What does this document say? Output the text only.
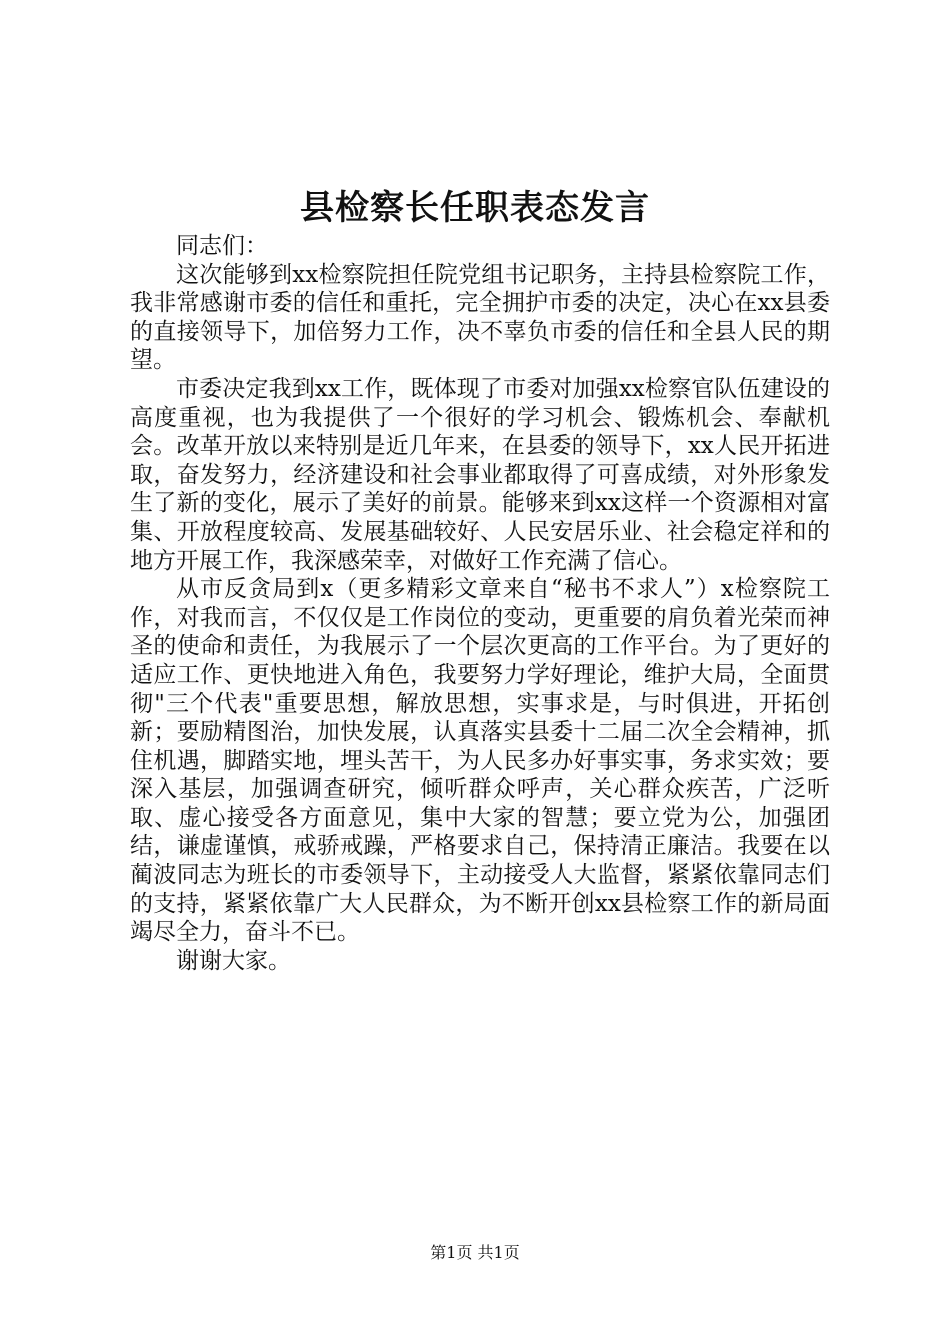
县检察长任职表态发言

同志们：

这次能够到xx检察院担任院党组书记职务，主持县检察院工作，我非常感谢市委的信任和重托，完全拥护市委的决定，决心在xx县委的直接领导下，加倍努力工作，决不辜负市委的信任和全县人民的期望。

市委决定我到xx工作，既体现了市委对加强xx检察官队伍建设的高度重视，也为我提供了一个很好的学习机会、锻炼机会、奉献机会。改革开放以来特别是近几年来，在县委的领导下，xx人民开拓进取，奋发努力，经济建设和社会事业都取得了可喜成绩，对外形象发生了新的变化，展示了美好的前景。能够来到xx这样一个资源相对富集、开放程度较高、发展基础较好、人民安居乐业、社会稳定祥和的地方开展工作，我深感荣幸，对做好工作充满了信心。

从市反贪局到x（更多精彩文章来自“秘书不求人”）x检察院工作，对我而言，不仅仅是工作岗位的变动，更重要的肩负着光荣而神圣的使命和责任，为我展示了一个层次更高的工作平台。为了更好的适应工作、更快地进入角色，我要努力学好理论，维护大局，全面贯彻"三个代表"重要思想，解放思想，实事求是，与时俱进，开拓创新；要励精图治，加快发展，认真落实县委十二届二次全会精神，抓住机遇，脚踏实地，埋头苦干，为人民多办好事实事，务求实效；要深入基层，加强调查研究，倾听群众呼声，关心群众疾苦，广泛听取、虚心接受各方面意见，集中大家的智慧；要立党为公，加强团结，谦虚谨慎，戒骄戒躁，严格要求自己，保持清正廉洁。我要在以蔺波同志为班长的市委领导下，主动接受人大监督，紧紧依靠同志们的支持，紧紧依靠广大人民群众，为不断开创xx县检察工作的新局面竭尽全力，奋斗不已。

谢谢大家。

第1页 共1页
